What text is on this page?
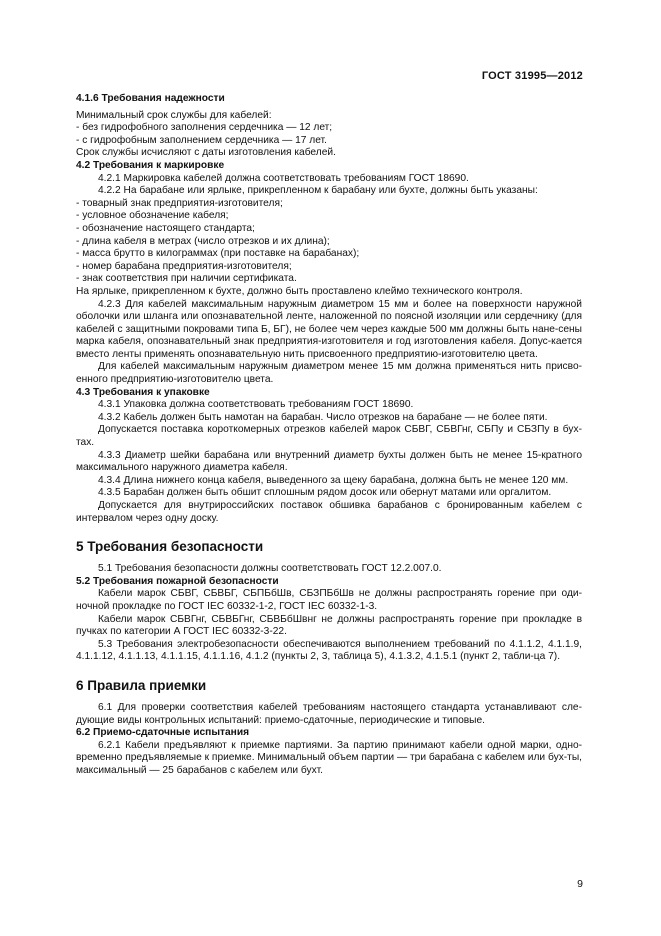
ГОСТ 31995—2012
4.1.6 Требования надежности
Минимальный срок службы для кабелей:
- без гидрофобного заполнения сердечника — 12 лет;
- с гидрофобным заполнением сердечника — 17 лет.
Срок службы исчисляют с даты изготовления кабелей.
4.2 Требования к маркировке
4.2.1 Маркировка кабелей должна соответствовать требованиям ГОСТ 18690.
4.2.2 На барабане или ярлыке, прикрепленном к барабану или бухте, должны быть указаны:
- товарный знак предприятия-изготовителя;
- условное обозначение кабеля;
- обозначение настоящего стандарта;
- длина кабеля в метрах (число отрезков и их длина);
- масса брутто в килограммах (при поставке на барабанах);
- номер барабана предприятия-изготовителя;
- знак соответствия при наличии сертификата.
На ярлыке, прикрепленном к бухте, должно быть проставлено клеймо технического контроля.
4.2.3 Для кабелей максимальным наружным диаметром 15 мм и более на поверхности наружной оболочки или шланга или опознавательной ленте, наложенной по поясной изоляции или сердечнику (для кабелей с защитными покровами типа Б, БГ), не более чем через каждые 500 мм должны быть нане-сены марка кабеля, опознавательный знак предприятия-изготовителя и год изготовления кабеля. Допус-кается вместо ленты применять опознавательную нить присвоенного предприятию-изготовителю цвета.
Для кабелей максимальным наружным диаметром менее 15 мм должна применяться нить присво-енного предприятию-изготовителю цвета.
4.3 Требования к упаковке
4.3.1 Упаковка должна соответствовать требованиям ГОСТ 18690.
4.3.2 Кабель должен быть намотан на барабан. Число отрезков на барабане — не более пяти.
Допускается поставка короткомерных отрезков кабелей марок СБВГ, СБВГнг, СБПу и СБЗПу в бух-тах.
4.3.3 Диаметр шейки барабана или внутренний диаметр бухты должен быть не менее 15-кратного максимального наружного диаметра кабеля.
4.3.4 Длина нижнего конца кабеля, выведенного за щеку барабана, должна быть не менее 120 мм.
4.3.5 Барабан должен быть обшит сплошным рядом досок или обернут матами или оргалитом.
Допускается для внутрироссийских поставок обшивка барабанов с бронированным кабелем с интервалом через одну доску.
5 Требования безопасности
5.1 Требования безопасности должны соответствовать ГОСТ 12.2.007.0.
5.2 Требования пожарной безопасности
Кабели марок СБВГ, СБВБГ, СБПБбШв, СБЗПБбШв не должны распространять горение при оди-ночной прокладке по ГОСТ IEC 60332-1-2, ГОСТ IEC 60332-1-3.
Кабели марок СБВГнг, СБВБГнг, СБВБбШвнг не должны распространять горение при прокладке в пучках по категории А ГОСТ IEC 60332-3-22.
5.3 Требования электробезопасности обеспечиваются выполнением требований по 4.1.1.2, 4.1.1.9, 4.1.1.12, 4.1.1.13, 4.1.1.15, 4.1.1.16, 4.1.2 (пункты 2, 3, таблица 5), 4.1.3.2, 4.1.5.1 (пункт 2, табли-ца 7).
6 Правила приемки
6.1 Для проверки соответствия кабелей требованиям настоящего стандарта устанавливают сле-дующие виды контрольных испытаний: приемо-сдаточные, периодические и типовые.
6.2 Приемо-сдаточные испытания
6.2.1 Кабели предъявляют к приемке партиями. За партию принимают кабели одной марки, одно-временно предъявляемые к приемке. Минимальный объем партии — три барабана с кабелем или бух-ты, максимальный — 25 барабанов с кабелем или бухт.
9
